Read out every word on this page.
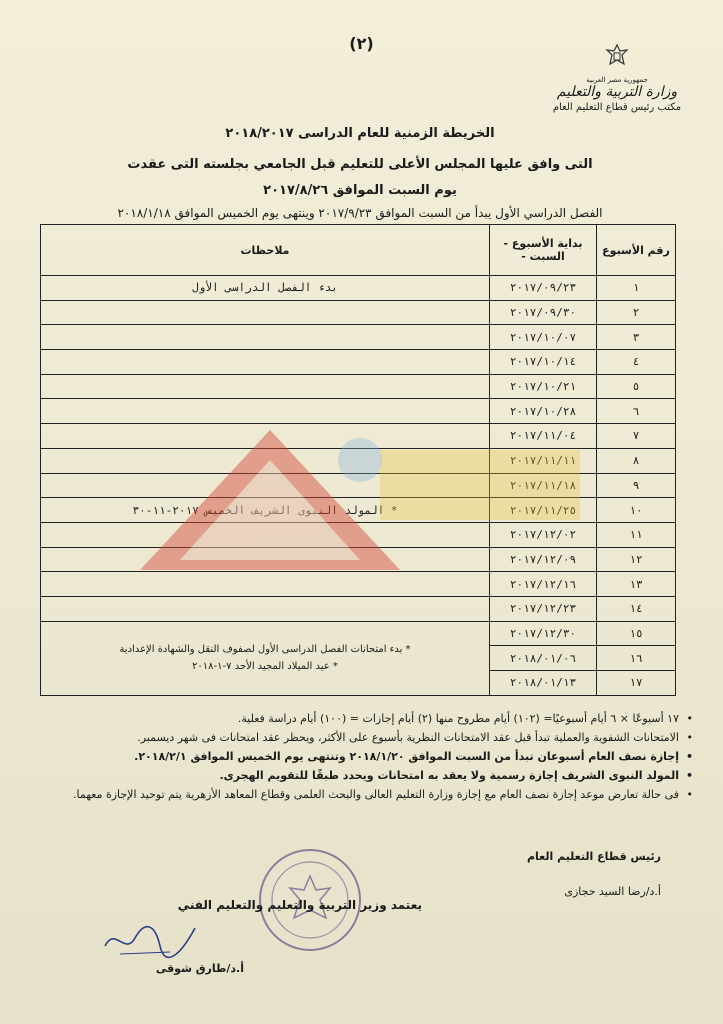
(٢)
جمهورية مصر العربية
وزارة التربية والتعليم
مكتب رئيس قطاع التعليم العام
الخريطة الزمنية للعام الدراسى ٢٠١٨/٢٠١٧
التى وافق عليها المجلس الأعلى للتعليم قبل الجامعي بجلسته التى عقدت
يوم السبت الموافق ٢٠١٧/٨/٢٦
الفصل الدراسي الأول يبدأ من السبت الموافق ٢٠١٧/٩/٢٣ وينتهى يوم الخميس الموافق ٢٠١٨/١/١٨
رقم الأسبوع	بداية الأسبوع - السبت -	ملاحظات
١	٢٠١٧/٠٩/٢٣	بدء الفصل الدراسى الأول
٢	٢٠١٧/٠٩/٣٠	
٣	٢٠١٧/١٠/٠٧	
٤	٢٠١٧/١٠/١٤	
٥	٢٠١٧/١٠/٢١	
٦	٢٠١٧/١٠/٢٨	
٧	٢٠١٧/١١/٠٤	
٨	٢٠١٧/١١/١١	
٩	٢٠١٧/١١/١٨	
١٠	٢٠١٧/١١/٢٥	* المولد النبوى الشريف الخميس ٢٠١٧-١١-٣٠
١١	٢٠١٧/١٢/٠٢	
١٢	٢٠١٧/١٢/٠٩	
١٣	٢٠١٧/١٢/١٦	
١٤	٢٠١٧/١٢/٢٣	
١٥	٢٠١٧/١٢/٣٠	* بدء امتحانات الفصل الدراسى الأول لصفوف النقل والشهادة الإعدادية
* عيد الميلاد المجيد الأحد ٧-١-٢٠١٨

١٦	٢٠١٨/٠١/٠٦	
١٧	٢٠١٨/٠١/١٣	
• ١٧ أسبوعًا × ٦ أيام أسبوعيًا= (١٠٢) أيام مطروح منها (٢) أيام إجازات = (١٠٠) أيام دراسة فعلية.
• الامتحانات الشفوية والعملية تبدأ قبل عقد الامتحانات النظرية بأسبوع على الأكثر، ويحظر عقد امتحانات فى شهر ديسمبر.
• إجازة نصف العام أسبوعان تبدأ من السبت الموافق ٢٠١٨/١/٢٠ وتنتهى يوم الخميس الموافق ٢٠١٨/٢/١.
• المولد النبوى الشريف إجازة رسمية ولا يعقد به امتحانات ويحدد طبقًا للتقويم الهجرى.
• فى حالة تعارض موعد إجازة نصف العام مع إجازة وزارة التعليم العالى والبحث العلمى وقطاع المعاهد الأزهرية يتم توحيد الإجازة معهما.
رئيس قطاع التعليم العام
أ.د/رضا السيد حجازى
يعتمد وزير التربية والتعليم والتعليم الفني
أ.د/طارق شوقى
